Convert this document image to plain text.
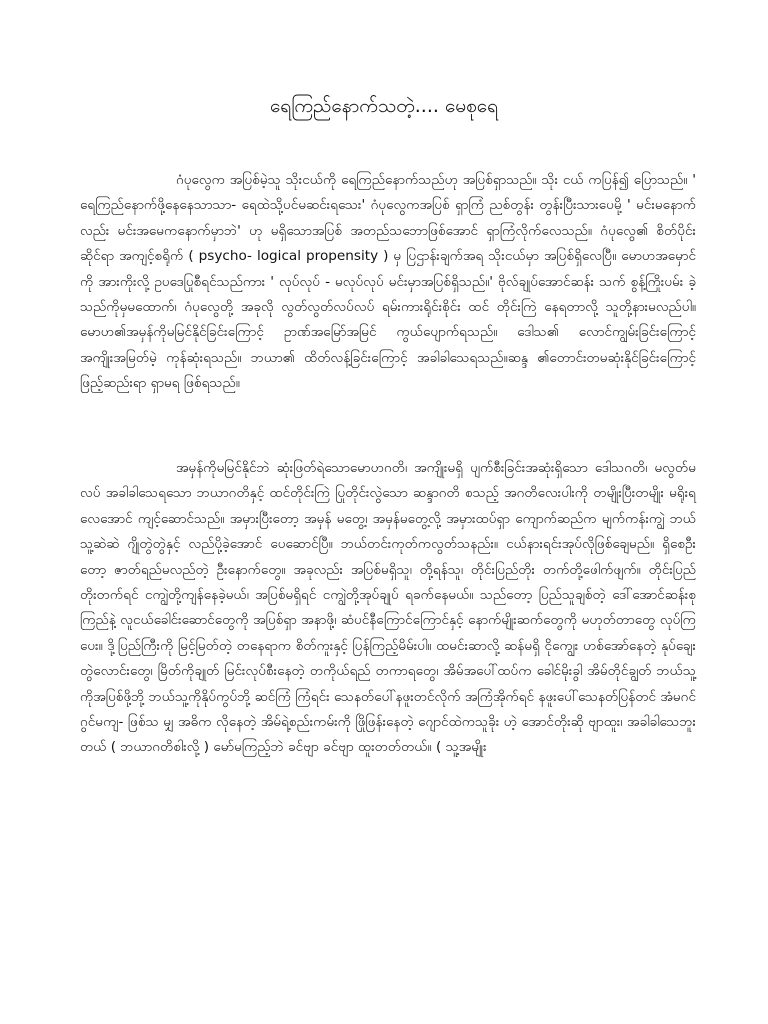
ရေကြည်နောက်သတဲ့.... မေစုရေ

ဂံပုလွေက အပြစ်မဲ့သူ သိုးငယ်ကို ရေကြည်နောက်သည်ဟု အပြစ်ရှာသည်။ သိုး ငယ် ကပြန်၍ ပြောသည်။ ' ရေကြည်နောက်ဖို့နေနေသာသာ- ရေထဲသို့ပင်မဆင်းရသေး' ဂံပုလွေကအပြစ် ရှာကြံ ညစ်တွန်း တွန်းပြီးသားပေမို့ ' မင်းမနောက်လည်း မင်းအမေကနောက်မှာဘဲ' ဟု မရှိသောအပြစ် အတည်သဘောဖြစ်အောင် ရှာကြံလိုက်လေသည်။ ဂံပုလွေ၏ စိတ်ပိုင်းဆိုင်ရာ အကျင့်စရိုက် ( psycho- logical propensity ) မှ ပြဌာန်းချက်အရ သိုးငယ်မှာ အပြစ်ရှိလေပြီ။ မောဟအမှောင်ကို အားကိုးလို့ ဥပဒေပြုစီရင်သည်ကား ' လုပ်လုပ် - မလုပ်လုပ် မင်းမှာအပြစ်ရှိသည်။' ဗိုလ်ချုပ်အောင်ဆန်း သက် စွန့်ကြိုးပမ်း ခဲ့သည်ကိုမှမထောက်၊ ဂံပုလွေတို့ အခုလို လွတ်လွတ်လပ်လပ် ရမ်းကားရိုင်းစိုင်း ထင် တိုင်းကြဲ နေရတာလို့ သူတို့နားမလည်ပါ။ မောဟ၏အမှန်ကိုမမြင်နိုင်ခြင်းကြောင့် ဥာဏ်အမြော်အမြင် ကွယ်ပျောက်ရသည်။ ဒေါသ၏ လောင်ကျွမ်းခြင်းကြောင့် အကျိုးအမြတ်မဲ့ ကုန်ဆုံးရသည်။ ဘယာ၏ ထိတ်လန့်ခြင်းကြောင့် အခါခါသေရသည်။ဆန္ဒ ၏တောင်းတမဆုံးနိုင်ခြင်းကြောင့် ဖြည့်ဆည်းရာ ရှာမရ ဖြစ်ရသည်။

အမှန်ကိုမမြင်နိုင်ဘဲ ဆုံးဖြတ်ရဲသောမောဟဂတိ၊ အကျိုးမရှိ ပျက်စီးခြင်းအဆုံးရှိသော ဒေါသဂတိ၊ မလွတ်မလပ် အခါခါသေရသော ဘယာဂတိနှင့် ထင်တိုင်းကြဲ ပြုတိုင်းလွဲသော ဆန္ဒာဂတိ စသည့် အဂတိလေးပါးကို တမျိုးပြီးတမျိုး မရိုးရလေအောင် ကျင့်ဆောင်သည်။ အမှားပြီးတော့ အမှန် မတွေ့၊ အမှန်မတွေ့လို့ အမှားထပ်ရှာ ကျောက်ဆည်က မျက်ကန်းကျွဲ ဘယ်သူ့ဆဲဆဲ ဂျိုတွဲတွဲနှင့် လည်ပို့ခဲ့အောင် ပေဆောင်ပြီ။ ဘယ်တင်းကုတ်ကလွတ်သနည်း။ ငယ်နားရင်းအုပ်လိုဖြစ်ချေမည်။ ရှိစေဦးတော့ ဇာတ်ရည်မလည်တဲ့ ဦးနောက်တွေ။ အခုလည်း အပြစ်မရှိသူ၊ တို့ရန်သူ၊ တိုင်းပြည်တိုး တက်တို့ဖေါက်ဖျက်။ တိုင်းပြည်တိုးတက်ရင် ငကျွဲတို့ကျန်နေခဲ့မယ်၊ အပြစ်မရှိရင် ငကျွဲတို့အုပ်ချုပ် ရခက်နေမယ်။ သည်တော့ ပြည်သူချစ်တဲ့ ဒေါ်အောင်ဆန်းစုကြည်နဲ့ လူငယ်ခေါင်းဆောင်တွေကို အပြစ်ရှာ အနာဖို့၊ ဆံပင်နီကြောင်ကြောင်နှင့် နောက်မျိုးဆက်တွေကို မဟုတ်တာတွေ လုပ်ကြပေး။ ဒို့ပြည်ကြီးကို မြင့်မြတ်တဲ့ တနေရာက စိတ်ကူးနှင့် ပြန်ကြည့်မိမ်းပါ။ ထမင်းဆာလို့ ဆန်မရှိ ငိုကျွေး ဟစ်အော်နေတဲ့ နုပ်ချေးတွဲလောင်းတွေ၊ မြိတ်ကိုချုတ် မြင်းလုပ်စီးနေတဲ့ တကိုယ်ရည် တကာရတွေ၊ အိမ်အပေါ်ထပ်က ခေါင်မိုးခွါ အိမ်တိုင်ချွတ် ဘယ်သူ့ကိုအပြစ်ဖို့ဘို့ ဘယ်သူ့ကိုနိုပ်ကွပ်ဘို့ ဆင်ကြံ ကြံရင်း သေနတ်ပေါ်နဖူးတင်လိုက် အကြံအိုက်ရင် နဖူးပေါ်သေနတ်ပြန်တင် အံမဂင် ဂွင်မကျ- ဖြစ်သ မျှ အဓိက လိုနေတဲ့ အိမ်ရဲ့စည်းကမ်းကို ဖြိုဖြန်းနေတဲ့ ဂျောင်ထဲကသူခိုး ဟဲ့ အောင်တိုးဆို ဗျာထူး၊ အခါခါသေဘူးတယ် ( ဘယာဂတိစါးလို့ ) မော်မကြည့်ဘဲ ခင်ဗျာ ခင်ဗျာ ထူးတတ်တယ်။ ( သူ့အမျိုး
